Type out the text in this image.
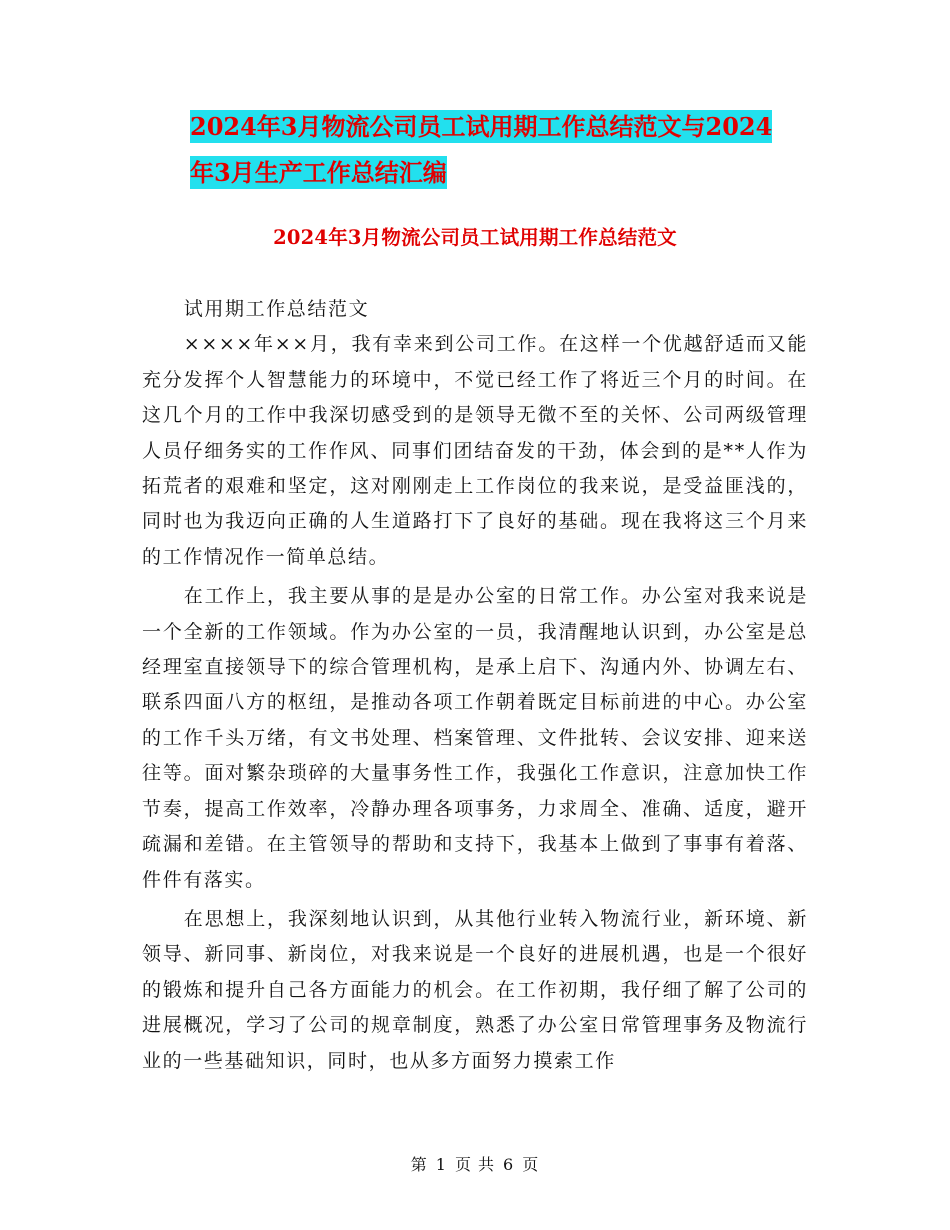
2024年3月物流公司员工试用期工作总结范文与2024
年3月生产工作总结汇编
2024年3月物流公司员工试用期工作总结范文

试用期工作总结范文

××××年××月，我有幸来到公司工作。在这样一个优越舒适而又能充分发挥个人智慧能力的环境中，不觉已经工作了将近三个月的时间。在这几个月的工作中我深切感受到的是领导无微不至的关怀、公司两级管理人员仔细务实的工作作风、同事们团结奋发的干劲，体会到的是**人作为拓荒者的艰难和坚定，这对刚刚走上工作岗位的我来说，是受益匪浅的，同时也为我迈向正确的人生道路打下了良好的基础。现在我将这三个月来的工作情况作一简单总结。

在工作上，我主要从事的是是办公室的日常工作。办公室对我来说是一个全新的工作领域。作为办公室的一员，我清醒地认识到，办公室是总经理室直接领导下的综合管理机构，是承上启下、沟通内外、协调左右、联系四面八方的枢纽，是推动各项工作朝着既定目标前进的中心。办公室的工作千头万绪，有文书处理、档案管理、文件批转、会议安排、迎来送往等。面对繁杂琐碎的大量事务性工作，我强化工作意识，注意加快工作节奏，提高工作效率，冷静办理各项事务，力求周全、准确、适度，避开疏漏和差错。在主管领导的帮助和支持下，我基本上做到了事事有着落、件件有落实。

在思想上，我深刻地认识到，从其他行业转入物流行业，新环境、新领导、新同事、新岗位，对我来说是一个良好的进展机遇，也是一个很好的锻炼和提升自己各方面能力的机会。在工作初期，我仔细了解了公司的进展概况，学习了公司的规章制度，熟悉了办公室日常管理事务及物流行业的一些基础知识，同时，也从多方面努力摸索工作

第 1 页 共 6 页
